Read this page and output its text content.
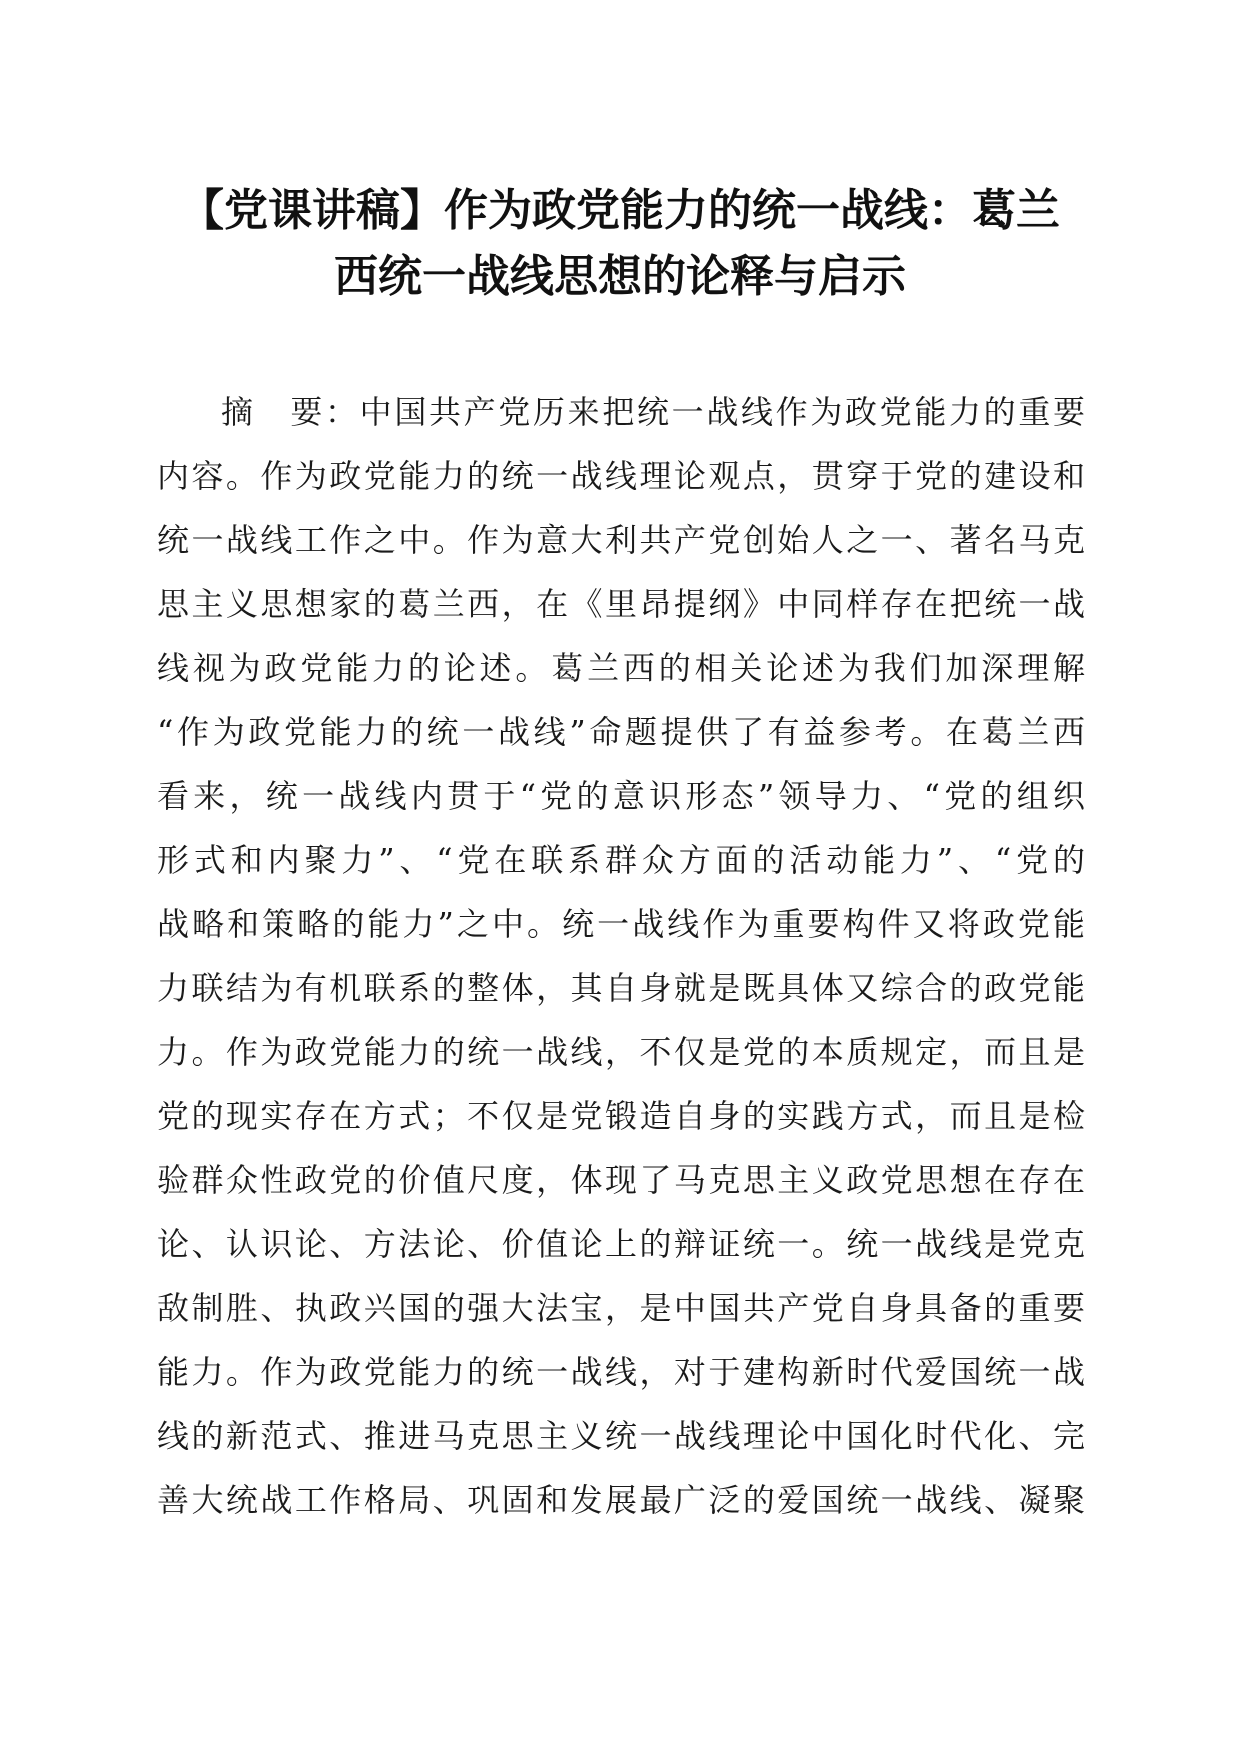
【党课讲稿】作为政党能力的统一战线：葛兰
西统一战线思想的论释与启示
摘　要：中国共产党历来把统一战线作为政党能力的重要
内容。作为政党能力的统一战线理论观点，贯穿于党的建设和
统一战线工作之中。作为意大利共产党创始人之一、著名马克
思主义思想家的葛兰西，在《里昂提纲》中同样存在把统一战
线视为政党能力的论述。葛兰西的相关论述为我们加深理解
“作为政党能力的统一战线”命题提供了有益参考。在葛兰西
看来，统一战线内贯于“党的意识形态”领导力、“党的组织
形式和内聚力”、“党在联系群众方面的活动能力”、“党的
战略和策略的能力”之中。统一战线作为重要构件又将政党能
力联结为有机联系的整体，其自身就是既具体又综合的政党能
力。作为政党能力的统一战线，不仅是党的本质规定，而且是
党的现实存在方式；不仅是党锻造自身的实践方式，而且是检
验群众性政党的价值尺度，体现了马克思主义政党思想在存在
论、认识论、方法论、价值论上的辩证统一。统一战线是党克
敌制胜、执政兴国的强大法宝，是中国共产党自身具备的重要
能力。作为政党能力的统一战线，对于建构新时代爱国统一战
线的新范式、推进马克思主义统一战线理论中国化时代化、完
善大统战工作格局、巩固和发展最广泛的爱国统一战线、凝聚
